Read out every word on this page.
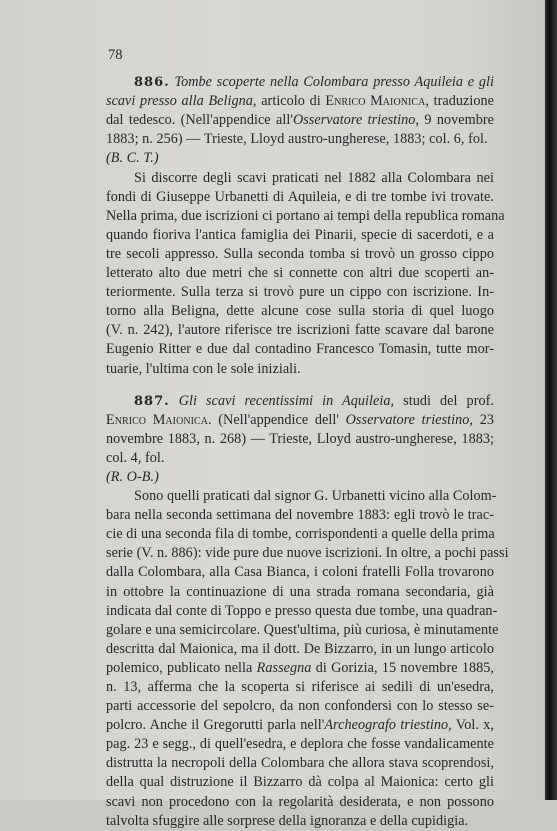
78

886. Tombe scoperte nella Colombara presso Aquileia e gli scavi presso alla Beligna, articolo di Enrico Maionica, traduzione dal tedesco. (Nell'appendice all'Osservatore triestino, 9 novembre 1883; n. 256) — Trieste, Lloyd austro-ungherese, 1883; col. 6, fol.
(B. C. T.)

Si discorre degli scavi praticati nel 1882 alla Colombara nei
fondi di Giuseppe Urbanetti di Aquileia, e di tre tombe ivi trovate.
Nella prima, due iscrizioni ci portano ai tempi della republica romana
quando fioriva l'antica famiglia dei Pinarii, specie di sacerdoti, e a
tre secoli appresso. Sulla seconda tomba si trovò un grosso cippo
letterato alto due metri che si connette con altri due scoperti an-
teriormente. Sulla terza si trovò pure un cippo con iscrizione. In-
torno alla Beligna, dette alcune cose sulla storia di quel luogo
(V. n. 242), l'autore riferisce tre iscrizioni fatte scavare dal barone
Eugenio Ritter e due dal contadino Francesco Tomasin, tutte mor-
tuarie, l'ultima con le sole iniziali.

887. Gli scavi recentissimi in Aquileia, studi del prof. Enrico Maionica. (Nell'appendice dell' Osservatore triestino, 23 novembre 1883, n. 268) — Trieste, Lloyd austro-ungherese, 1883; col. 4, fol.
(R. O-B.)

Sono quelli praticati dal signor G. Urbanetti vicino alla Colom-
bara nella seconda settimana del novembre 1883: egli trovò le trac-
cie di una seconda fila di tombe, corrispondenti a quelle della prima
serie (V. n. 886): vide pure due nuove iscrizioni. In oltre, a pochi passi
dalla Colombara, alla Casa Bianca, i coloni fratelli Folla trovarono
in ottobre la continuazione di una strada romana secondaria, già
indicata dal conte di Toppo e presso questa due tombe, una quadran-
golare e una semicircolare. Quest'ultima, più curiosa, è minutamente
descritta dal Maionica, ma il dott. De Bizzarro, in un lungo articolo
polemico, publicato nella Rassegna di Gorizia, 15 novembre 1885,
n. 13, afferma che la scoperta si riferisce ai sedili di un'esedra,
parti accessorie del sepolcro, da non confondersi con lo stesso se-
polcro. Anche il Gregorutti parla nell'Archeografo triestino, Vol. x,
pag. 23 e segg., di quell'esedra, e deplora che fosse vandalicamente
distrutta la necropoli della Colombara che allora stava scoprendosi,
della qual distruzione il Bizzarro dà colpa al Maionica: certo gli
scavi non procedono con la regolarità desiderata, e non possono
talvolta sfuggire alle sorprese della ignoranza e della cupidigia.
